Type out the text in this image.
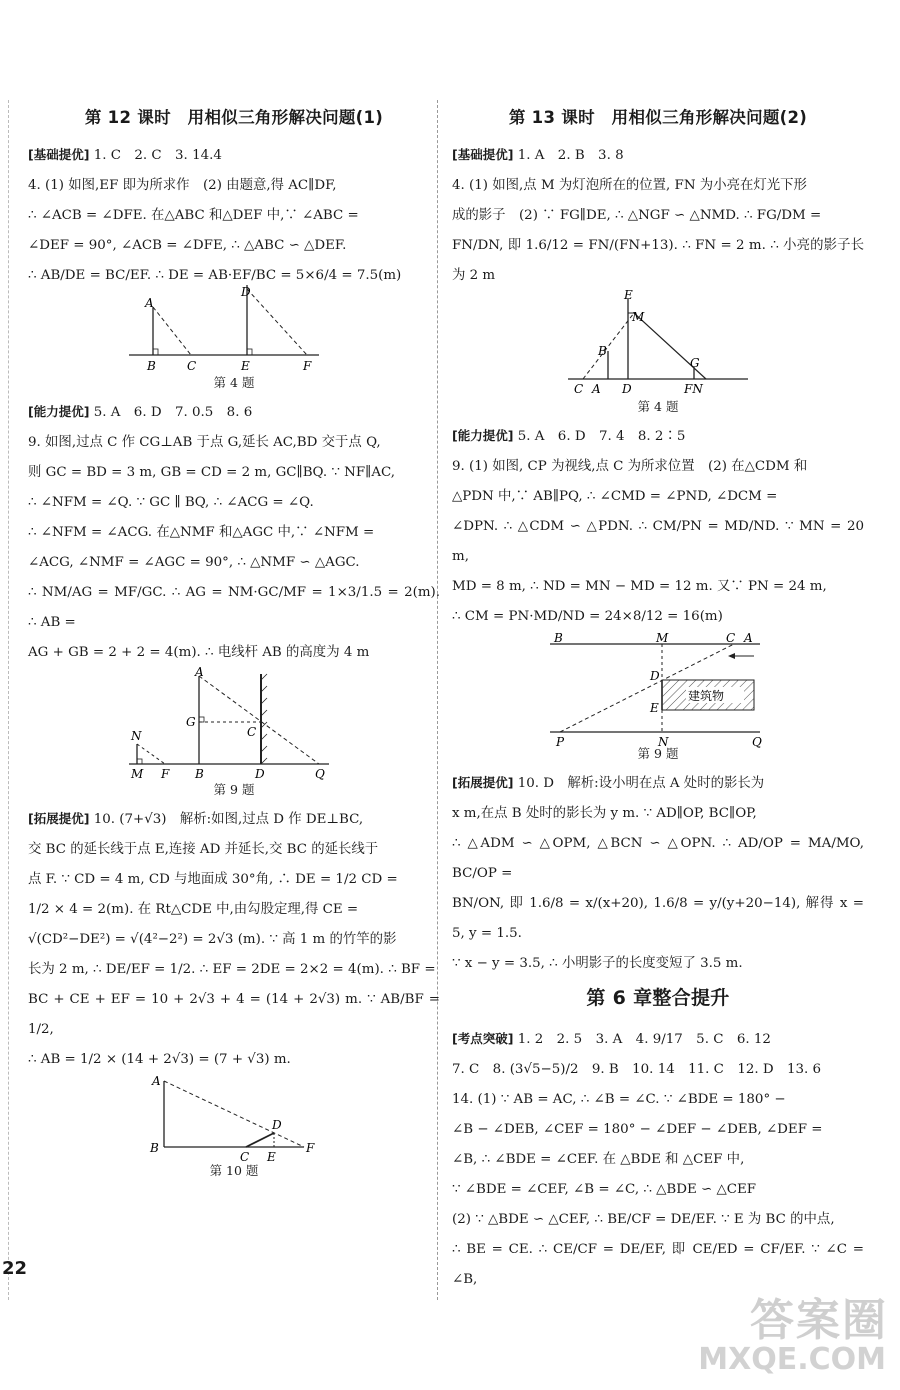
第 12 课时　用相似三角形解决问题(1)

[基础提优] 1. C　2. C　3. 14.4

4. (1) 如图,EF 即为所求作　(2) 由题意,得 AC∥DF,

∴ ∠ACB = ∠DFE. 在△ABC 和△DEF 中,∵ ∠ABC =

∠DEF = 90°, ∠ACB = ∠DFE, ∴ △ABC ∽ △DEF.

∴ AB/DE = BC/EF. ∴ DE = AB·EF/BC = 5×6/4 = 7.5(m)

A
B	C
D
E	F
第 4 题

[能力提优] 5. A　6. D　7. 0.5　8. 6

9. 如图,过点 C 作 CG⊥AB 于点 G,延长 AC,BD 交于点 Q,

则 GC = BD = 3 m, GB = CD = 2 m, GC∥BQ. ∵ NF∥AC,

∴ ∠NFM = ∠Q. ∵ GC ∥ BQ, ∴ ∠ACG = ∠Q.

∴ ∠NFM = ∠ACG. 在△NMF 和△AGC 中,∵ ∠NFM =

∠ACG, ∠NMF = ∠AGC = 90°, ∴ △NMF ∽ △AGC.

∴ NM/AG = MF/GC. ∴ AG = NM·GC/MF = 1×3/1.5 = 2(m). ∴ AB =

AG + GB = 2 + 2 = 4(m). ∴ 电线杆 AB 的高度为 4 m

A
G
C
N
M F B	D	Q
第 9 题

[拓展提优] 10. (7+√3)　解析:如图,过点 D 作 DE⊥BC,

交 BC 的延长线于点 E,连接 AD 并延长,交 BC 的延长线于

点 F. ∵ CD = 4 m, CD 与地面成 30°角, ∴ DE = 1/2 CD =

1/2 × 4 = 2(m). 在 Rt△CDE 中,由勾股定理,得 CE =

√(CD²−DE²) = √(4²−2²) = 2√3 (m). ∵ 高 1 m 的竹竿的影

长为 2 m, ∴ DE/EF = 1/2. ∴ EF = 2DE = 2×2 = 4(m). ∴ BF =

BC + CE + EF = 10 + 2√3 + 4 = (14 + 2√3) m. ∵ AB/BF = 1/2,

∴ AB = 1/2 × (14 + 2√3) = (7 + √3) m.

A
B
C
D
E
F
第 10 题
第 13 课时　用相似三角形解决问题(2)

[基础提优] 1. A　2. B　3. 8

4. (1) 如图,点 M 为灯泡所在的位置, FN 为小亮在灯光下形

成的影子　(2) ∵ FG∥DE, ∴ △NGF ∽ △NMD. ∴ FG/DM =

FN/DN, 即 1.6/12 = FN/(FN+13). ∴ FN = 2 m. ∴ 小亮的影子长为 2 m

E
M
B
G
C A D	FN
第 4 题

[能力提优] 5. A　6. D　7. 4　8. 2∶5

9. (1) 如图, CP 为视线,点 C 为所求位置　(2) 在△CDM 和

△PDN 中,∵ AB∥PQ, ∴ ∠CMD = ∠PND, ∠DCM =

∠DPN. ∴ △CDM ∽ △PDN. ∴ CM/PN = MD/ND. ∵ MN = 20 m,

MD = 8 m, ∴ ND = MN − MD = 12 m. 又∵ PN = 24 m,

∴ CM = PN·MD/ND = 24×8/12 = 16(m)

建筑物
B	M	C A
D
E
P	N	Q
第 9 题

[拓展提优] 10. D　解析:设小明在点 A 处时的影长为

x m,在点 B 处时的影长为 y m. ∵ AD∥OP, BC∥OP,

∴ △ADM ∽ △OPM, △BCN ∽ △OPN. ∴ AD/OP = MA/MO, BC/OP =

BN/ON, 即 1.6/8 = x/(x+20), 1.6/8 = y/(y+20−14), 解得 x = 5, y = 1.5.

∵ x − y = 3.5, ∴ 小明影子的长度变短了 3.5 m.

第 6 章整合提升

[考点突破] 1. 2　2. 5　3. A　4. 9/17　5. C　6. 12

7. C　8. (3√5−5)/2　9. B　10. 14　11. C　12. D　13. 6

14. (1) ∵ AB = AC, ∴ ∠B = ∠C. ∵ ∠BDE = 180° −

∠B − ∠DEB, ∠CEF = 180° − ∠DEF − ∠DEB, ∠DEF =

∠B, ∴ ∠BDE = ∠CEF. 在 △BDE 和 △CEF 中,

∵ ∠BDE = ∠CEF, ∠B = ∠C, ∴ △BDE ∽ △CEF

(2) ∵ △BDE ∽ △CEF, ∴ BE/CF = DE/EF. ∵ E 为 BC 的中点,

∴ BE = CE. ∴ CE/CF = DE/EF, 即 CE/ED = CF/EF. ∵ ∠C = ∠B,

22
答案圈
MXQE.COM
